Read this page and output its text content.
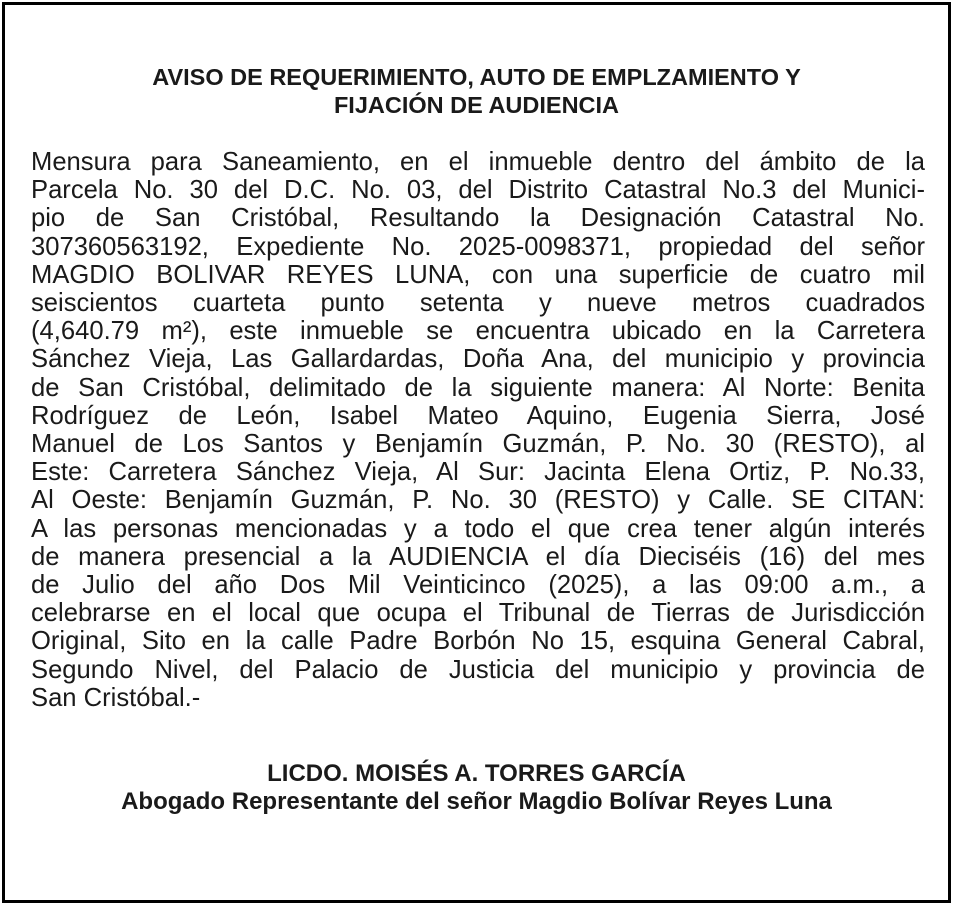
AVISO DE REQUERIMIENTO, AUTO DE EMPLZAMIENTO Y
FIJACIÓN DE AUDIENCIA

Mensura para Saneamiento, en el inmueble dentro del ámbito de la
Parcela No. 30 del D.C. No. 03, del Distrito Catastral No.3 del Munici-
pio de San Cristóbal, Resultando la Designación Catastral No.
307360563192, Expediente No. 2025-0098371, propiedad del señor
MAGDIO BOLIVAR REYES LUNA, con una superficie de cuatro mil
seiscientos cuarteta punto setenta y nueve metros cuadrados
(4,640.79 m²), este inmueble se encuentra ubicado en la Carretera
Sánchez Vieja, Las Gallardardas, Doña Ana, del municipio y provincia
de San Cristóbal, delimitado de la siguiente manera: Al Norte: Benita
Rodríguez de León, Isabel Mateo Aquino, Eugenia Sierra, José
Manuel de Los Santos y Benjamín Guzmán, P. No. 30 (RESTO), al
Este: Carretera Sánchez Vieja, Al Sur: Jacinta Elena Ortiz, P. No.33,
Al Oeste: Benjamín Guzmán, P. No. 30 (RESTO) y Calle. SE CITAN:
A las personas mencionadas y a todo el que crea tener algún interés
de manera presencial a la AUDIENCIA el día Dieciséis (16) del mes
de Julio del año Dos Mil Veinticinco (2025), a las 09:00 a.m., a
celebrarse en el local que ocupa el Tribunal de Tierras de Jurisdicción
Original, Sito en la calle Padre Borbón No 15, esquina General Cabral,
Segundo Nivel, del Palacio de Justicia del municipio y provincia de
San Cristóbal.-

LICDO. MOISÉS A. TORRES GARCÍA
Abogado Representante del señor Magdio Bolívar Reyes Luna
